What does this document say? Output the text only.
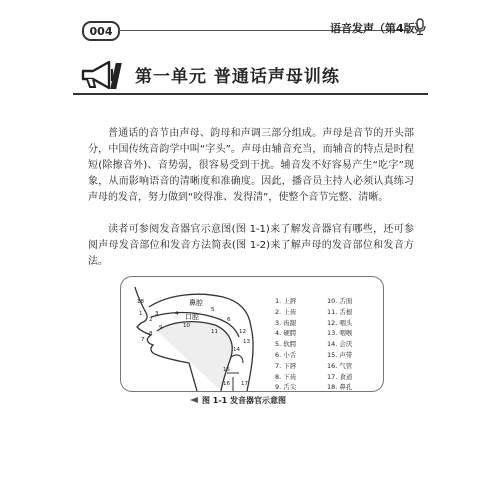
004	语音发声（第4版）
第一单元 普通话声母训练

普通话的音节由声母、韵母和声调三部分组成。声母是音节的开头部分，中国传统音韵学中叫“字头”。声母由辅音充当，而辅音的特点是时程短(除擦音外)、音势弱，很容易受到干扰。辅音发不好容易产生“吃字”现象，从而影响语音的清晰度和准确度。因此，播音员主持人必须认真练习声母的发音，努力做到“咬得准、发得清”，使整个音节完整、清晰。

读者可参阅发音器官示意图(图 1-1)来了解发音器官有哪些，还可参阅声母发音部位和发音方法简表(图 1-2)来了解声母的发音部位和发音方法。

鼻腔
口腔
18
1
2
3	4
5
6
7
8
9	10
11	12
13
14
15
16 17
1. 上唇	10. 舌面
2. 上齿	11. 舌根
3. 齿龈	12. 咽头
4. 硬腭	13. 咽喉
5. 软腭	14. 会厌
6. 小舌	15. 声带
7. 下唇	16. 气管
8. 下齿	17. 食道
9. 舌尖	18. 鼻孔
图 1-1 发音器官示意图
